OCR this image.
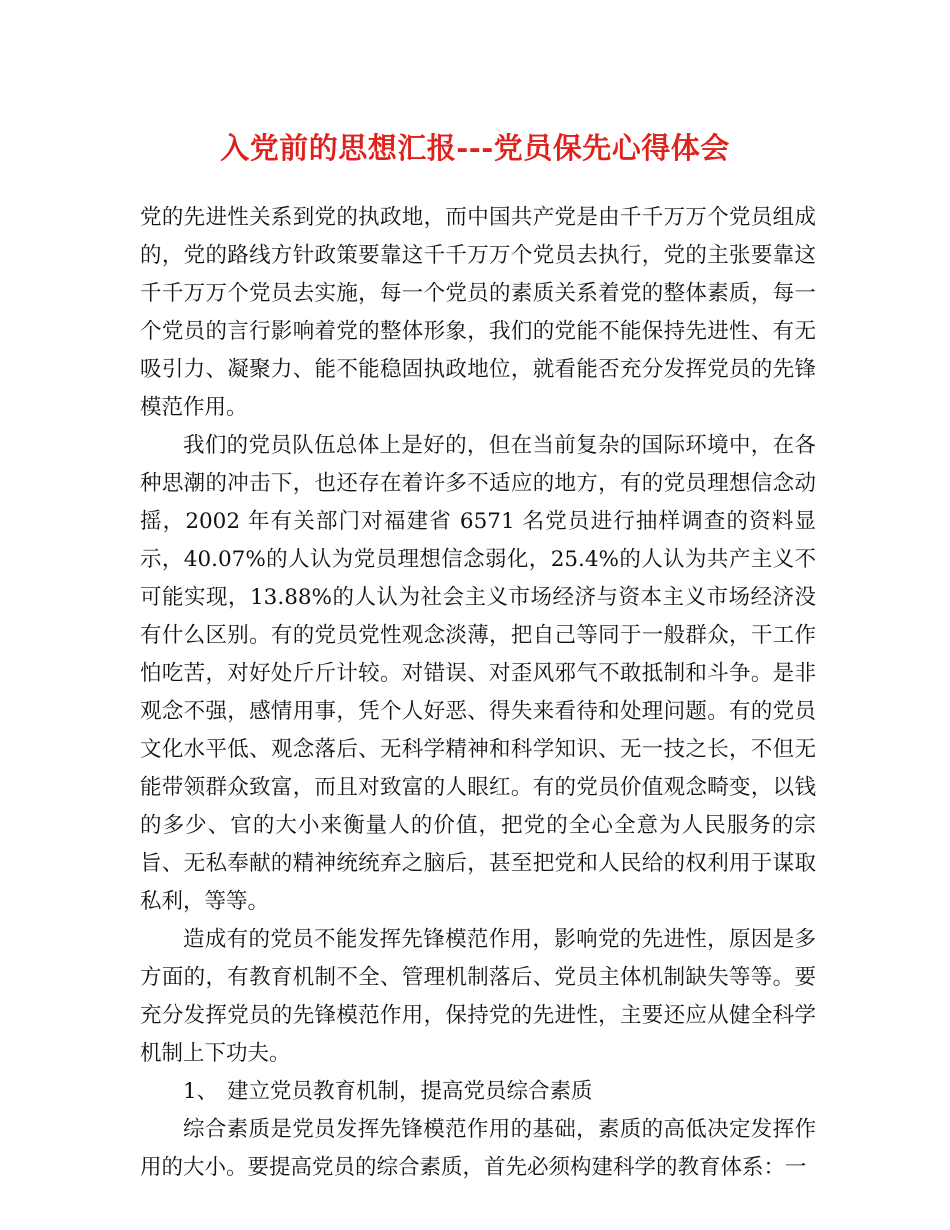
入党前的思想汇报---党员保先心得体会

党的先进性关系到党的执政地，而中国共产党是由千千万万个党员组成的，党的路线方针政策要靠这千千万万个党员去执行，党的主张要靠这千千万万个党员去实施，每一个党员的素质关系着党的整体素质，每一个党员的言行影响着党的整体形象，我们的党能不能保持先进性、有无吸引力、凝聚力、能不能稳固执政地位，就看能否充分发挥党员的先锋模范作用。

我们的党员队伍总体上是好的，但在当前复杂的国际环境中，在各种思潮的冲击下，也还存在着许多不适应的地方，有的党员理想信念动摇，2002 年有关部门对福建省 6571 名党员进行抽样调查的资料显示，40.07%的人认为党员理想信念弱化，25.4%的人认为共产主义不可能实现，13.88%的人认为社会主义市场经济与资本主义市场经济没有什么区别。有的党员党性观念淡薄，把自己等同于一般群众，干工作怕吃苦，对好处斤斤计较。对错误、对歪风邪气不敢抵制和斗争。是非观念不强，感情用事，凭个人好恶、得失来看待和处理问题。有的党员文化水平低、观念落后、无科学精神和科学知识、无一技之长，不但无能带领群众致富，而且对致富的人眼红。有的党员价值观念畸变，以钱的多少、官的大小来衡量人的价值，把党的全心全意为人民服务的宗旨、无私奉献的精神统统弃之脑后，甚至把党和人民给的权利用于谋取私利，等等。

造成有的党员不能发挥先锋模范作用，影响党的先进性，原因是多方面的，有教育机制不全、管理机制落后、党员主体机制缺失等等。要充分发挥党员的先锋模范作用，保持党的先进性，主要还应从健全科学机制上下功夫。

1、 建立党员教育机制，提高党员综合素质

综合素质是党员发挥先锋模范作用的基础，素质的高低决定发挥作用的大小。要提高党员的综合素质，首先必须构建科学的教育体系：一
